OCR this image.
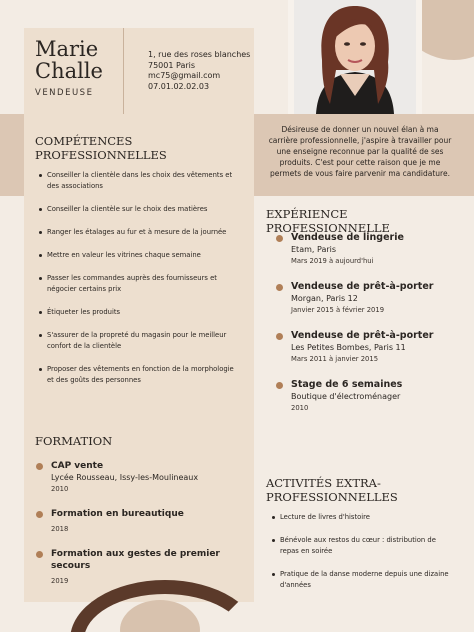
Marie
Challe
VENDEUSE
1, rue des roses blanches
75001 Paris
mc75@gmail.com
07.01.02.02.03
Désireuse de donner un nouvel élan à ma carrière professionnelle, j'aspire à travailler pour une enseigne reconnue par la qualité de ses produits. C'est pour cette raison que je me permets de vous faire parvenir ma candidature.
COMPÉTENCES PROFESSIONNELLES
Conseiller la clientèle dans les choix des vêtements et des associations
Conseiller la clientèle sur le choix des matières
Ranger les étalages au fur et à mesure de la journée
Mettre en valeur les vitrines chaque semaine
Passer les commandes auprès des fournisseurs et négocier certains prix
Étiqueter les produits
S'assurer de la propreté du magasin pour le meilleur confort de la clientèle
Proposer des vêtements en fonction de la morphologie et des goûts des personnes
FORMATION
CAP vente
Lycée Rousseau, Issy-les-Moulineaux
2010
Formation en bureautique
2018
Formation aux gestes de premier secours
2019
EXPÉRIENCE PROFESSIONNELLE
Vendeuse de lingerie
Etam, Paris
Mars 2019 à aujourd'hui
Vendeuse de prêt-à-porter
Morgan, Paris 12
Janvier 2015 à février 2019
Vendeuse de prêt-à-porter
Les Petites Bombes, Paris 11
Mars 2011 à janvier 2015
Stage de 6 semaines
Boutique d'électroménager
2010
ACTIVITÉS EXTRA-PROFESSIONNELLES
Lecture de livres d'histoire
Bénévole aux restos du cœur : distribution de repas en soirée
Pratique de la danse moderne depuis une dizaine d'années
